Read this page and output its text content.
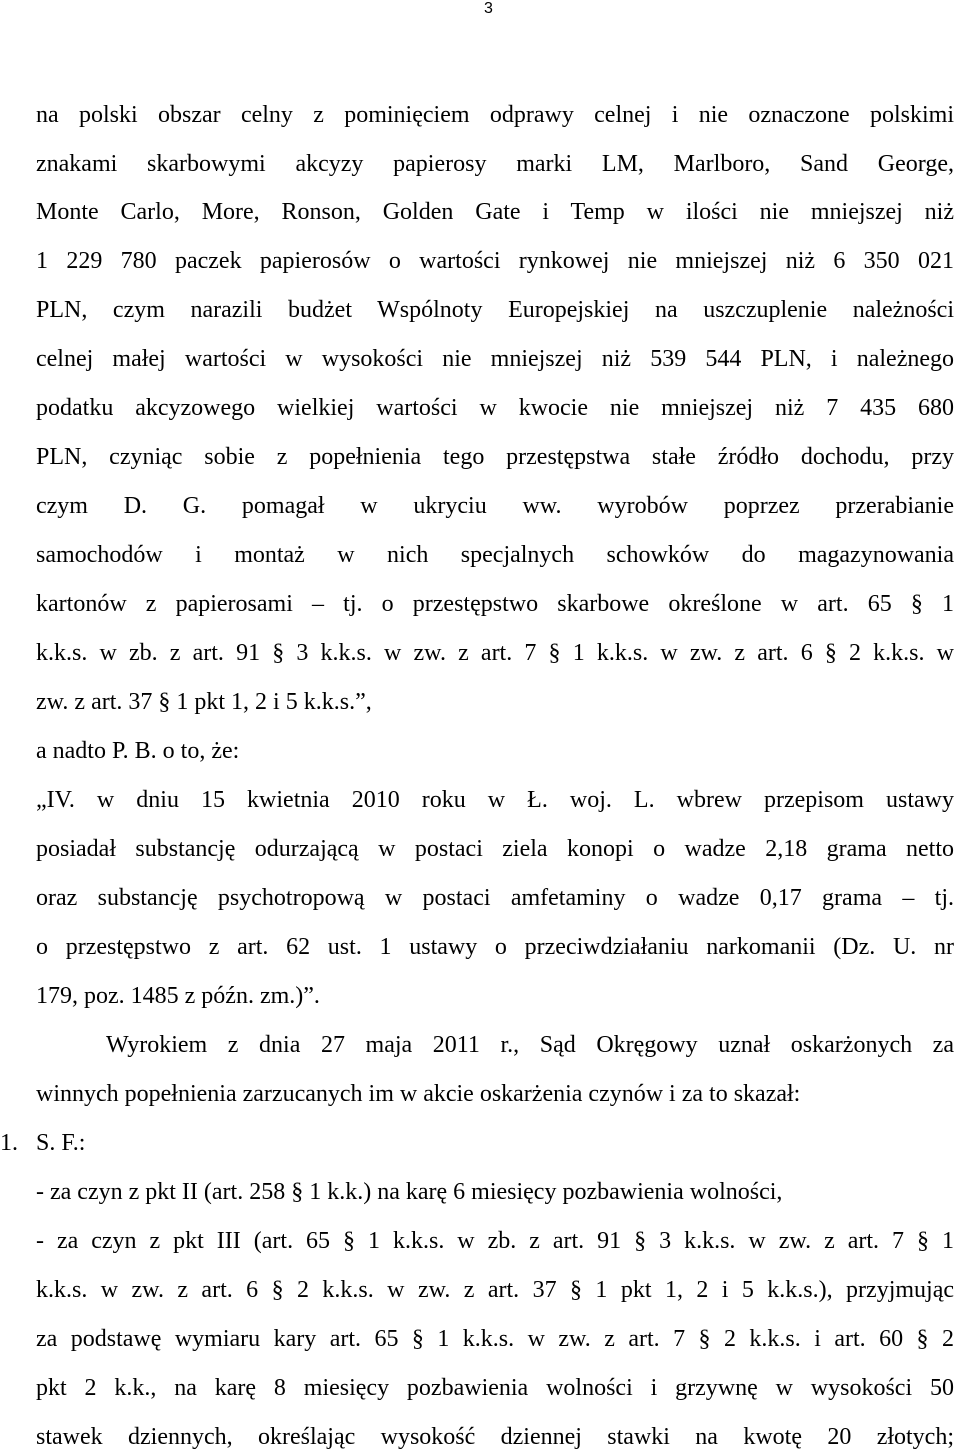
3
na polski obszar celny z pominięciem odprawy celnej i nie oznaczone polskimi
znakami skarbowymi akcyzy papierosy marki LM, Marlboro, Sand George,
Monte Carlo, More, Ronson, Golden Gate i Temp w ilości nie mniejszej niż
1 229 780 paczek papierosów o wartości rynkowej nie mniejszej niż 6 350 021
PLN, czym narazili budżet Wspólnoty Europejskiej na uszczuplenie należności
celnej małej wartości w wysokości nie mniejszej niż 539 544 PLN, i należnego
podatku akcyzowego wielkiej wartości w kwocie nie mniejszej niż 7 435 680
PLN, czyniąc sobie z popełnienia tego przestępstwa stałe źródło dochodu, przy
czym D. G. pomagał w ukryciu ww. wyrobów poprzez przerabianie
samochodów i montaż w nich specjalnych schowków do magazynowania
kartonów z papierosami – tj. o przestępstwo skarbowe określone w art. 65 § 1
k.k.s. w zb. z art. 91 § 3 k.k.s. w zw. z art. 7 § 1 k.k.s. w zw. z art. 6 § 2 k.k.s. w
zw. z art. 37 § 1 pkt 1, 2 i 5 k.k.s.”,
a nadto P. B. o to, że:
„IV. w dniu 15 kwietnia 2010 roku w Ł. woj. L. wbrew przepisom ustawy
posiadał substancję odurzającą w postaci ziela konopi o wadze 2,18 grama netto
oraz substancję psychotropową w postaci amfetaminy o wadze 0,17 grama – tj.
o przestępstwo z art. 62 ust. 1 ustawy o przeciwdziałaniu narkomanii (Dz. U. nr
179, poz. 1485 z późn. zm.)”.
Wyrokiem z dnia 27 maja 2011 r., Sąd Okręgowy uznał oskarżonych za
winnych popełnienia zarzucanych im w akcie oskarżenia czynów i za to skazał:
1. S. F.:
- za czyn z pkt II (art. 258 § 1 k.k.) na karę 6 miesięcy pozbawienia wolności,
- za czyn z pkt III (art. 65 § 1 k.k.s. w zb. z art. 91 § 3 k.k.s. w zw. z art. 7 § 1
k.k.s. w zw. z art. 6 § 2 k.k.s. w zw. z art. 37 § 1 pkt 1, 2 i 5 k.k.s.), przyjmując
za podstawę wymiaru kary art. 65 § 1 k.k.s. w zw. z art. 7 § 2 k.k.s. i art. 60 § 2
pkt 2 k.k., na karę 8 miesięcy pozbawienia wolności i grzywnę w wysokości 50
stawek dziennych, określając wysokość dziennej stawki na kwotę 20 złotych;
